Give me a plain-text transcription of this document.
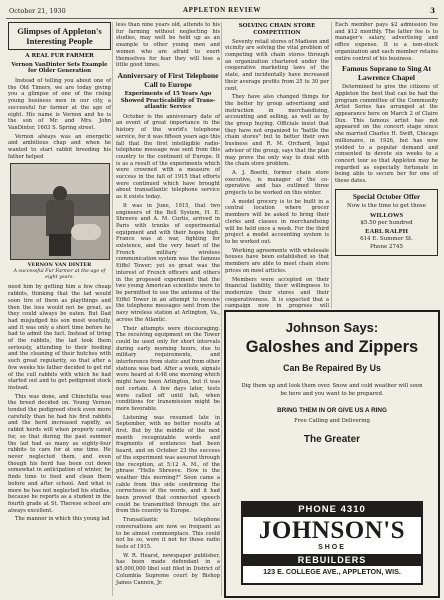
October 21, 1930	APPLETON REVIEW	3
Glimpses of Appleton's Interesting People
A REAL FUR FARMER
Vernon VanDinter Sets Example for Older Generation

Instead of telling you about one of the Old Timers, we are today giving you a glimpse of one of the rising young business men in our city, a successful fur farmer at the age of eight. His name is Vernon and he is the son of Mr. and Mrs. John VanDinter, 1603 S. Spring street.

Vernon always was an energetic and ambitious chap and when he wanted to start rabbit breeding his father helped

VERNON VAN DINTER
A successful Fur Farmer at the age of eight years.

need him by getting him a few cheap rabbits, thinking that the lad would soon tire of them as playthings and then the loss would not be great, as they could always be eaten. But Dad had misjudged his son most woefully, and it was only a short time before he had to admit the fact. Instead of tiring of the rabbits, the lad took them seriously, attending to their feeding and the cleaning of their hutches with such great regularity, so that after a few weeks his father decided to get rid of the cull rabbits with which he had started out and to get pedigreed stock instead.

This was done, and Chinchilla was the breed decided on. Young Vernon tended the pedigreed stock even more carefully than he had his first rabbits and the herd increased rapidly, as rabbit herds will when properly cared for, so that during the past summer the lad had as many as eighty-four rabbits to care for at one time. He never neglected them, and even though his herd has been cut down somewhat in anticipation of winter, he finds time to feed and clean them before and after school. And what is more he has not neglected his studies, because he reports as a student in the fourth grade at St. Therese school are always excellent.

The manner in which this young lad

less than nine years old, attends to his fur farming without neglecting his studies, may well be held up as an example to other young men and women who are afraid to exert themselves for fear they will lose a little good times.

Anniversary of First Telephone Call to Europe
Experiments of 15 Years Ago Showed Practicability of Trans-atlantic Service

October is the anniversary date of an event of great importance in the history of the world's telephone service, for it was fifteen years ago this fall that the first intelligible radio-telephone message was sent from this country to the continent of Europe. It is as a result of the experiments which were crowned with a measure of success in the fall of 1915 that efforts were continued which have brought about transatlantic telephone service as it exists today.

It was in June, 1915, that two engineers of the Bell System, H. E. Shreeve and A. M. Curtis, arrived in Paris with trunks of experimental equipment and with their hopes high. France was at war, fighting for existence, and the very heart of the French military wireless communication system was the famous Eiffel Tower; yet so great was the interest of French officers and others in the proposed experiment that the two young American scientists were to be permitted to use the antenna of the Eiffel Tower in an attempt to receive the telephone messages sent from the navy wireless station at Arlington, Va., across the Atlantic.

Their attempts were discouraging. The receiving equipment on the Tower could be used only for short intervals during early morning hours, due to military requirements, and interference from static and from other stations was bad. After a week, signals were heard at 4:48 one morning which might have been Arlington, but it was not certain. A few days later, tests were called off until fall, when conditions for transmission might be more favorable.

Listening was resumed late in September, with no better results at first. But by the middle of the next month recognizable words and fragments of sentences had been heard, and on October 23 the success of the experiment was assured through the reception, at 5:12 A. M., of the phrase "Hello Shreeve. How is the weather this morning?" Soon came a cable from this side confirming the correctness of the words, and it had been proved that connected speech could be transmitted through the air from this country to Europe.

Transatlantic telephone conversations are now so frequent as to be almost commonplace. This could not be so, were it not for those radio tests of 1915.

W. R. Hearst, newspaper publisher, has been made defendant in a $5,000,000 libel suit filed in District of Columbia Supreme court by Bishop James Cannon, Jr.

SOLVING CHAIN STORE COMPETITION

Seventy retail stores of Madison and vicinity are solving the vital problem of competing with chain stores through an organization chartered under the cooperative marketing laws of the state, and incidentally have increased their average profits from 25 to 30 per cent.

They have also changed things for the better by group advertising and instruction in merchandising, accounting and selling, as well as by the group buying. Officials insist that they have not organized to "battle the chain stores" but to better their own business and R. M. Orchard, legal adviser of the group, says that the plan may prove the only way to deal with the chain store problem.

A. J. Boerhi, former chain store executive, is manager of the co-operative and has outlined three projects to be worked on this winter.

A model grocery is to be built in a central location where grocer members will be asked to bring their clerks and classes in merchandising will be held once a week. For the third project a model accounting system is to be worked out.

Working agreements with wholesale houses have been established so that members are able to meet chain store prices on most articles.

Members were accepted on their financial liability, their willingness to modernize their stores and their cooperativeness. It is expected that a campaign now in progress will

Each member pays $2 admission fee and $12 monthly. The latter fee is to manager's salary, advertising and office expense. It is a non-stock organization and each member retains entire control of his business.

Famous Soprano to Sing At Lawrence Chapel

Determined to give the citizens of Appleton the best that can be had the program committee of the Community Artist Series has arranged at the appearance here on March 2 of Claire Dux. This famous artist has not appeared on the concert stage since she married Charles H. Swift, Chicago millionaire, in 1926, but has now yielded to a popular demand and consented to devote six weeks to a concert tour so that Appleton may be regarded as especially fortunate in being able to secure her for one of these dates.

Special October Offer
Now is the time to get those
WILLOWS
$5.50 per hundred
EARL RALPH
614 E. Summer St.
Phone 2745
Johnson Says:
Galoshes and Zippers
Can Be Repaired By Us
Dig them up and look them over. Snow and cold weather will soon be here and you want to be prepared.
BRING THEM IN OR GIVE US A RING
Free Calling and Delivering
The Greater
PHONE 4310
JOHNSON'S
SHOE
REBUILDERS
123 E. COLLEGE AVE., APPLETON, WIS.
